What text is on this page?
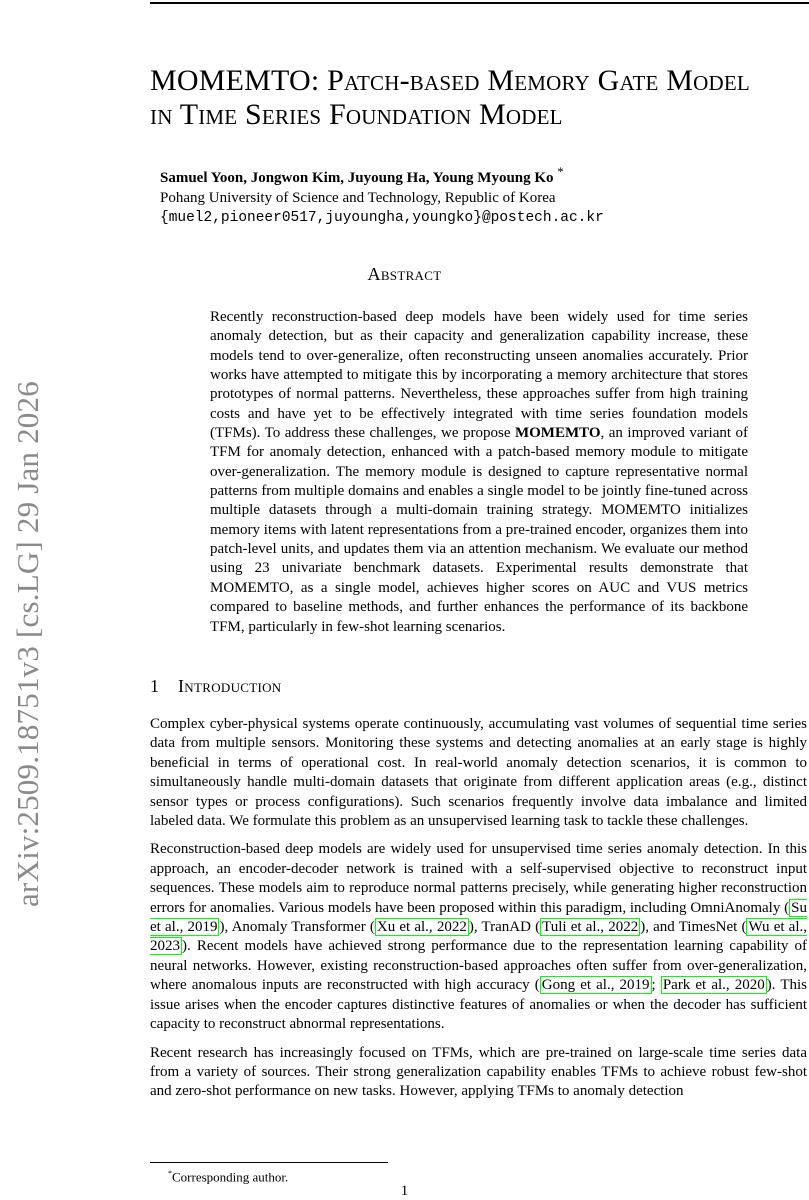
arXiv:2509.18751v3 [cs.LG] 29 Jan 2026
MOMEMTO: Patch-based Memory Gate Model
in Time Series Foundation Model
Samuel Yoon, Jongwon Kim, Juyoung Ha, Young Myoung Ko *
Pohang University of Science and Technology, Republic of Korea
{muel2,pioneer0517,juyoungha,youngko}@postech.ac.kr
Abstract
Recently reconstruction-based deep models have been widely used for time series anomaly detection, but as their capacity and generalization capability increase, these models tend to over-generalize, often reconstructing unseen anomalies accurately. Prior works have attempted to mitigate this by incorporating a memory architecture that stores prototypes of normal patterns. Nevertheless, these approaches suffer from high training costs and have yet to be effectively integrated with time series foundation models (TFMs). To address these challenges, we propose MOMEMTO, an improved variant of TFM for anomaly detection, enhanced with a patch-based memory module to mitigate over-generalization. The memory module is designed to capture representative normal patterns from multiple domains and enables a single model to be jointly fine-tuned across multiple datasets through a multi-domain training strategy. MOMEMTO initializes memory items with latent representations from a pre-trained encoder, organizes them into patch-level units, and updates them via an attention mechanism. We evaluate our method using 23 univariate benchmark datasets. Experimental results demonstrate that MOMEMTO, as a single model, achieves higher scores on AUC and VUS metrics compared to baseline methods, and further enhances the performance of its backbone TFM, particularly in few-shot learning scenarios.
1 Introduction

Complex cyber-physical systems operate continuously, accumulating vast volumes of sequential time series data from multiple sensors. Monitoring these systems and detecting anomalies at an early stage is highly beneficial in terms of operational cost. In real-world anomaly detection scenarios, it is common to simultaneously handle multi-domain datasets that originate from different application areas (e.g., distinct sensor types or process configurations). Such scenarios frequently involve data imbalance and limited labeled data. We formulate this problem as an unsupervised learning task to tackle these challenges.

Reconstruction-based deep models are widely used for unsupervised time series anomaly detection. In this approach, an encoder-decoder network is trained with a self-supervised objective to reconstruct input sequences. These models aim to reproduce normal patterns precisely, while generating higher reconstruction errors for anomalies. Various models have been proposed within this paradigm, including OmniAnomaly ( Su et al., 2019 ), Anomaly Transformer ( Xu et al., 2022 ), TranAD ( Tuli et al., 2022 ), and TimesNet ( Wu et al., 2023 ). Recent models have achieved strong performance due to the representation learning capability of neural networks. However, existing reconstruction-based approaches often suffer from over-generalization, where anomalous inputs are reconstructed with high accuracy ( Gong et al., 2019 ; Park et al., 2020 ). This issue arises when the encoder captures distinctive features of anomalies or when the decoder has sufficient capacity to reconstruct abnormal representations.

Recent research has increasingly focused on TFMs, which are pre-trained on large-scale time series data from a variety of sources. Their strong generalization capability enables TFMs to achieve robust few-shot and zero-shot performance on new tasks. However, applying TFMs to anomaly detection

*Corresponding author.
1
